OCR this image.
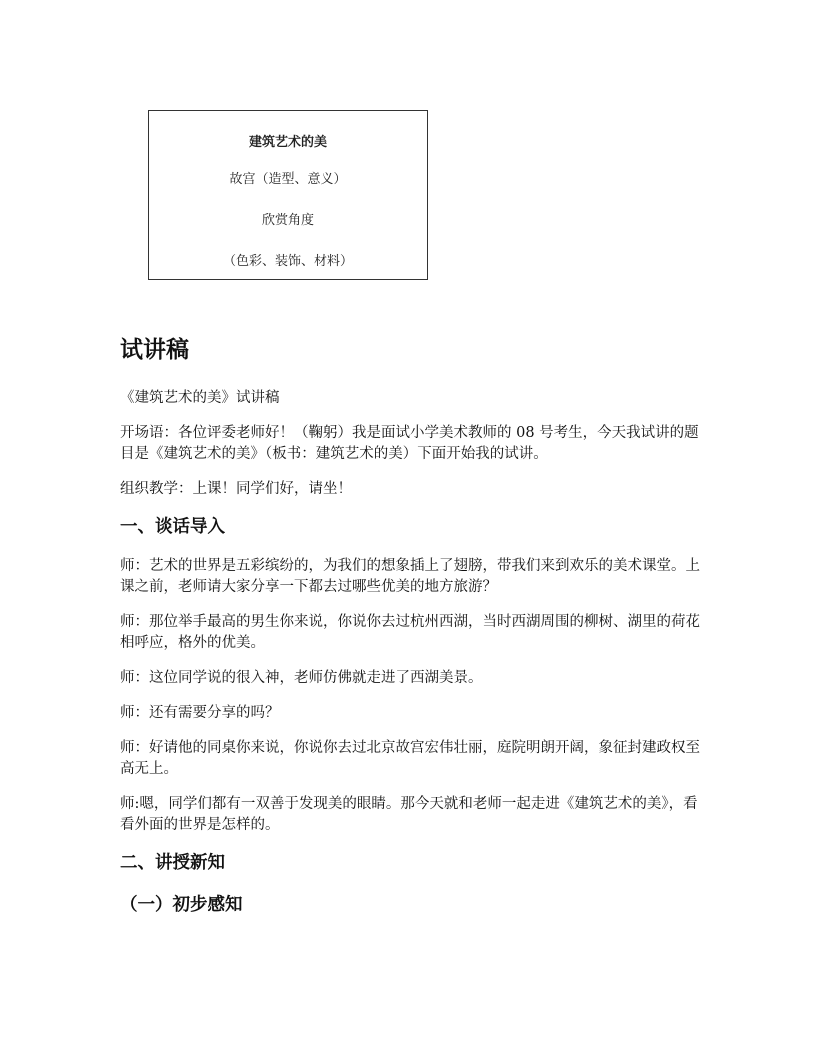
建筑艺术的美
故宫（造型、意义）
欣赏角度
（色彩、装饰、材料）
试讲稿

《建筑艺术的美》试讲稿

开场语：各位评委老师好！（鞠躬）我是面试小学美术教师的 08 号考生，今天我试讲的题目是《建筑艺术的美》（板书：建筑艺术的美）下面开始我的试讲。

组织教学：上课！同学们好，请坐！

一、谈话导入

师：艺术的世界是五彩缤纷的，为我们的想象插上了翅膀，带我们来到欢乐的美术课堂。上课之前，老师请大家分享一下都去过哪些优美的地方旅游？

师：那位举手最高的男生你来说，你说你去过杭州西湖，当时西湖周围的柳树、湖里的荷花相呼应，格外的优美。

师：这位同学说的很入神，老师仿佛就走进了西湖美景。

师：还有需要分享的吗？

师：好请他的同桌你来说，你说你去过北京故宫宏伟壮丽，庭院明朗开阔，象征封建政权至高无上。

师:嗯，同学们都有一双善于发现美的眼睛。那今天就和老师一起走进《建筑艺术的美》，看看外面的世界是怎样的。

二、讲授新知
（一）初步感知
